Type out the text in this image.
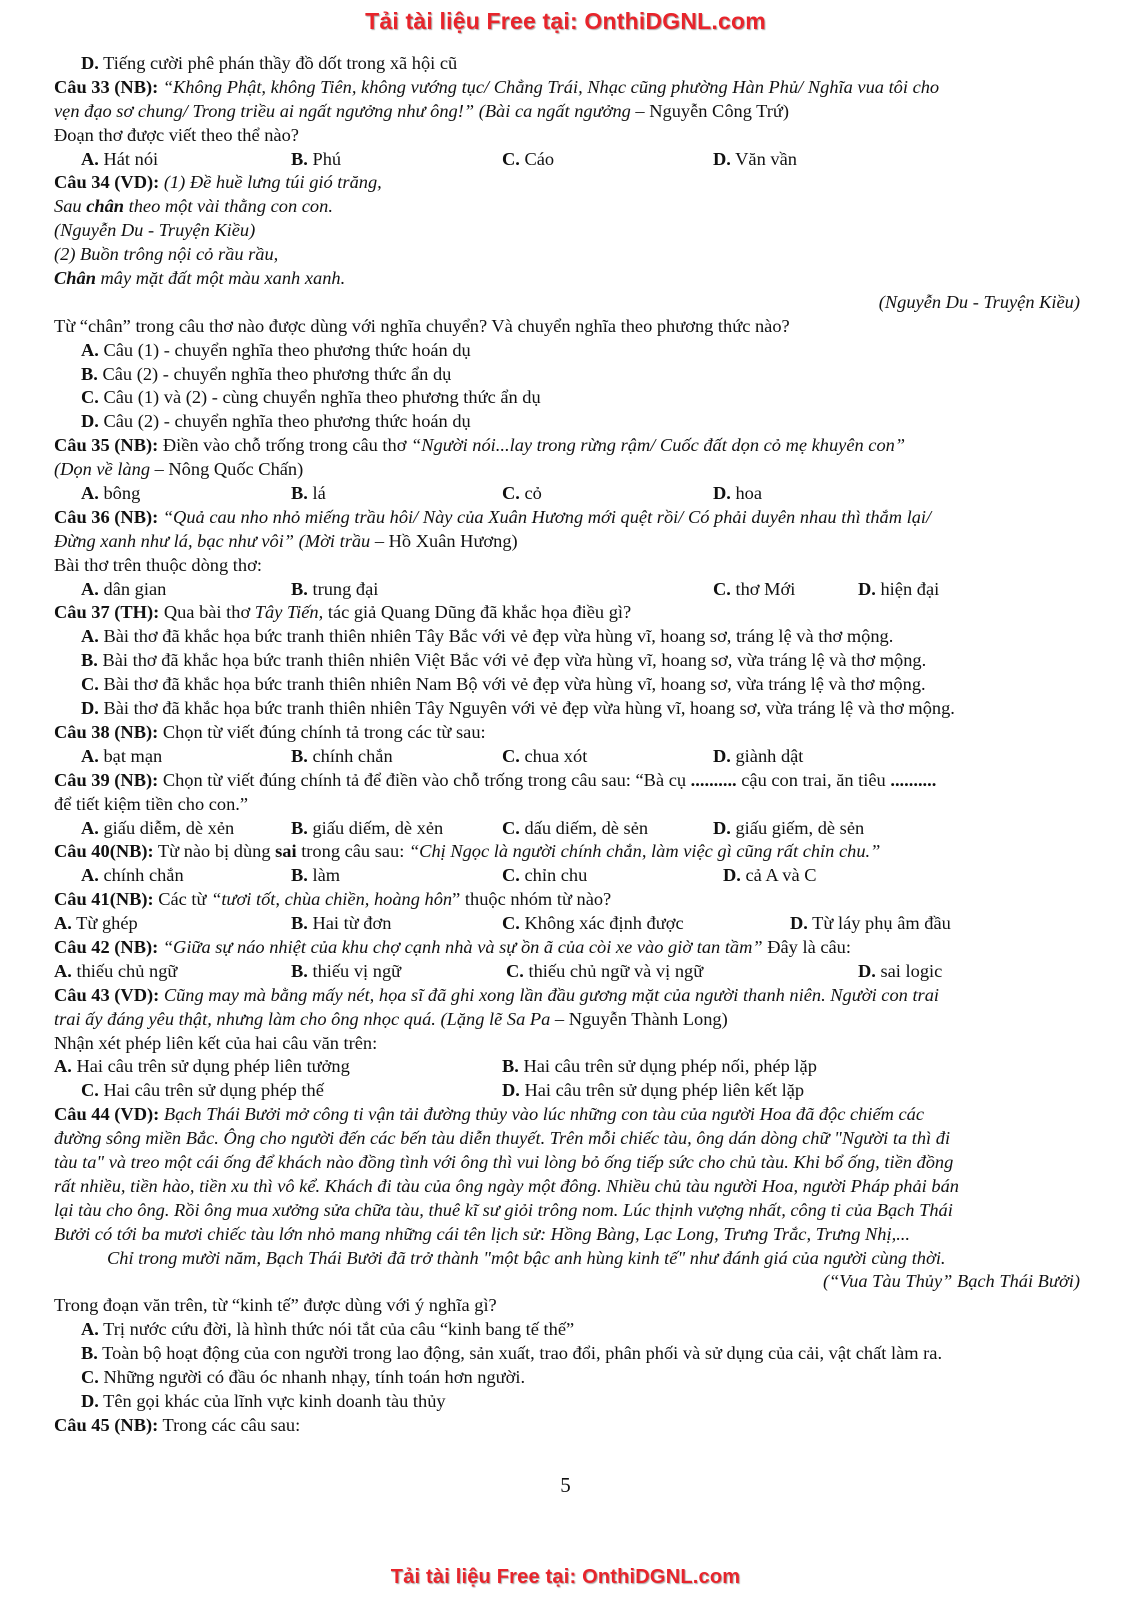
Tải tài liệu Free tại: OnthiDGNL.com
D. Tiếng cười phê phán thầy đồ dốt trong xã hội cũ
Câu 33 (NB): “Không Phật, không Tiên, không vướng tục/ Chẳng Trái, Nhạc cũng phường Hàn Phủ/ Nghĩa vua tôi cho
vẹn đạo sơ chung/ Trong triều ai ngất ngưởng như ông!” (Bài ca ngất ngưởng – Nguyễn Công Trứ)
Đoạn thơ được viết theo thể nào?
A. Hát nói	B. Phú	C. Cáo	D. Văn vần
Câu 34 (VD): (1) Đề huề lưng túi gió trăng,
Sau chân theo một vài thằng con con.
(Nguyễn Du - Truyện Kiều)
(2) Buồn trông nội cỏ rầu rầu,
Chân mây mặt đất một màu xanh xanh.
(Nguyễn Du - Truyện Kiều)
Từ “chân” trong câu thơ nào được dùng với nghĩa chuyển? Và chuyển nghĩa theo phương thức nào?
A. Câu (1) - chuyển nghĩa theo phương thức hoán dụ
B. Câu (2) - chuyển nghĩa theo phương thức ẩn dụ
C. Câu (1) và (2) - cùng chuyển nghĩa theo phương thức ẩn dụ
D. Câu (2) - chuyển nghĩa theo phương thức hoán dụ
Câu 35 (NB): Điền vào chỗ trống trong câu thơ “Người nói...lay trong rừng rậm/ Cuốc đất dọn cỏ mẹ khuyên con”
(Dọn về làng – Nông Quốc Chấn)
A. bông	B. lá	C. cỏ	D. hoa
Câu 36 (NB): “Quả cau nho nhỏ miếng trầu hôi/ Này của Xuân Hương mới quệt rồi/ Có phải duyên nhau thì thắm lại/
Đừng xanh như lá, bạc như vôi” (Mời trầu – Hồ Xuân Hương)
Bài thơ trên thuộc dòng thơ:
A. dân gian	B. trung đại	C. thơ Mới	D. hiện đại
Câu 37 (TH): Qua bài thơ Tây Tiến, tác giả Quang Dũng đã khắc họa điều gì?
A. Bài thơ đã khắc họa bức tranh thiên nhiên Tây Bắc với vẻ đẹp vừa hùng vĩ, hoang sơ, tráng lệ và thơ mộng.
B. Bài thơ đã khắc họa bức tranh thiên nhiên Việt Bắc với vẻ đẹp vừa hùng vĩ, hoang sơ, vừa tráng lệ và thơ mộng.
C. Bài thơ đã khắc họa bức tranh thiên nhiên Nam Bộ với vẻ đẹp vừa hùng vĩ, hoang sơ, vừa tráng lệ và thơ mộng.
D. Bài thơ đã khắc họa bức tranh thiên nhiên Tây Nguyên với vẻ đẹp vừa hùng vĩ, hoang sơ, vừa tráng lệ và thơ mộng.
Câu 38 (NB): Chọn từ viết đúng chính tả trong các từ sau:
A. bạt mạn	B. chính chắn	C. chua xót	D. giành dật
Câu 39 (NB): Chọn từ viết đúng chính tả để điền vào chỗ trống trong câu sau: “Bà cụ .......... cậu con trai, ăn tiêu ..........
để tiết kiệm tiền cho con.”
A. giấu diễm, dè xẻn	B. giấu diếm, dè xẻn	C. dấu diếm, dè sẻn	D. giấu giếm, dè sẻn
Câu 40(NB): Từ nào bị dùng sai trong câu sau: “Chị Ngọc là người chính chắn, làm việc gì cũng rất chỉn chu.”
A. chính chắn	B. làm	C. chỉn chu	D. cả A và C
Câu 41(NB): Các từ “tươi tốt, chùa chiền, hoàng hôn” thuộc nhóm từ nào?
A. Từ ghép	B. Hai từ đơn	C. Không xác định được	D. Từ láy phụ âm đầu
Câu 42 (NB): “Giữa sự náo nhiệt của khu chợ cạnh nhà và sự ồn ã của còi xe vào giờ tan tầm” Đây là câu:
A. thiếu chủ ngữ	B. thiếu vị ngữ	C. thiếu chủ ngữ và vị ngữ	D. sai logic
Câu 43 (VD): Cũng may mà bằng mấy nét, họa sĩ đã ghi xong lần đầu gương mặt của người thanh niên. Người con trai
trai ấy đáng yêu thật, nhưng làm cho ông nhọc quá. (Lặng lẽ Sa Pa – Nguyễn Thành Long)
Nhận xét phép liên kết của hai câu văn trên:
A. Hai câu trên sử dụng phép liên tưởng	B. Hai câu trên sử dụng phép nối, phép lặp
C. Hai câu trên sử dụng phép thế	D. Hai câu trên sử dụng phép liên kết lặp
Câu 44 (VD): Bạch Thái Bưởi mở công ti vận tải đường thủy vào lúc những con tàu của người Hoa đã độc chiếm các
đường sông miền Bắc. Ông cho người đến các bến tàu diễn thuyết. Trên mỗi chiếc tàu, ông dán dòng chữ "Người ta thì đi
tàu ta" và treo một cái ống để khách nào đồng tình với ông thì vui lòng bỏ ống tiếp sức cho chủ tàu. Khi bổ ống, tiền đồng
rất nhiều, tiền hào, tiền xu thì vô kể. Khách đi tàu của ông ngày một đông. Nhiều chủ tàu người Hoa, người Pháp phải bán
lại tàu cho ông. Rồi ông mua xưởng sửa chữa tàu, thuê kĩ sư giỏi trông nom. Lúc thịnh vượng nhất, công ti của Bạch Thái
Bưởi có tới ba mươi chiếc tàu lớn nhỏ mang những cái tên lịch sử: Hồng Bàng, Lạc Long, Trưng Trắc, Trưng Nhị,...
Chỉ trong mười năm, Bạch Thái Bưởi đã trở thành "một bậc anh hùng kinh tế" như đánh giá của người cùng thời.
(“Vua Tàu Thủy” Bạch Thái Bưởi)
Trong đoạn văn trên, từ “kinh tế” được dùng với ý nghĩa gì?
A. Trị nước cứu đời, là hình thức nói tắt của câu “kinh bang tế thế”
B. Toàn bộ hoạt động của con người trong lao động, sản xuất, trao đổi, phân phối và sử dụng của cải, vật chất làm ra.
C. Những người có đầu óc nhanh nhạy, tính toán hơn người.
D. Tên gọi khác của lĩnh vực kinh doanh tàu thủy
Câu 45 (NB): Trong các câu sau:
5
Tải tài liệu Free tại: OnthiDGNL.com
